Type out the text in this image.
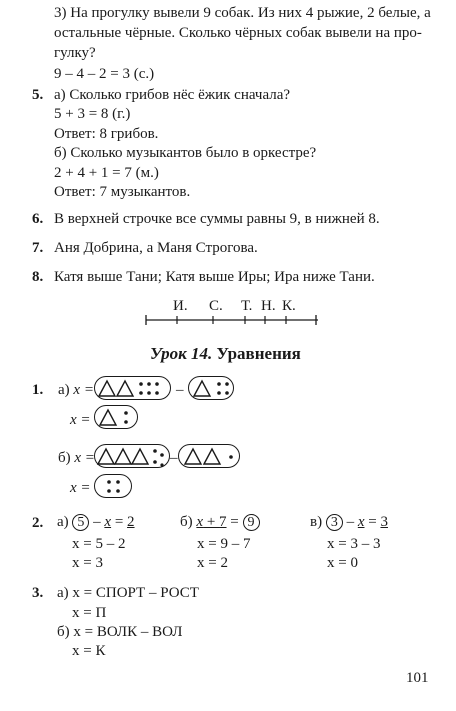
3) На прогулку вывели 9 собак. Из них 4 рыжие, 2 белые, а
остальные чёрные. Сколько чёрных собак вывели на про-
гулку?
9 – 4 – 2 = 3 (с.)
5. а) Сколько грибов нёс ёжик сначала?
5 + 3 = 8 (г.)
Ответ: 8 грибов.
б) Сколько музыкантов было в оркестре?
2 + 4 + 1 = 7 (м.)
Ответ: 7 музыкантов.
6. В верхней строчке все суммы равны 9, в нижней 8.
7. Аня Добрина, а Маня Строгова.
8. Катя выше Тани; Катя выше Иры; Ира ниже Тани.
И. С. Т. Н. К.
Урок 14. Уравнения
1. а) x =	–
x =
б) x =	–
x =
2. а) 5 – x = 2
x = 5 – 2
x = 3
б) x + 7 = 9
x = 9 – 7
x = 2
в) 3 – x = 3
x = 3 – 3
x = 0
3. а) x = СПОРТ – РОСТ
x = П
б) x = ВОЛК – ВОЛ
x = К
101
